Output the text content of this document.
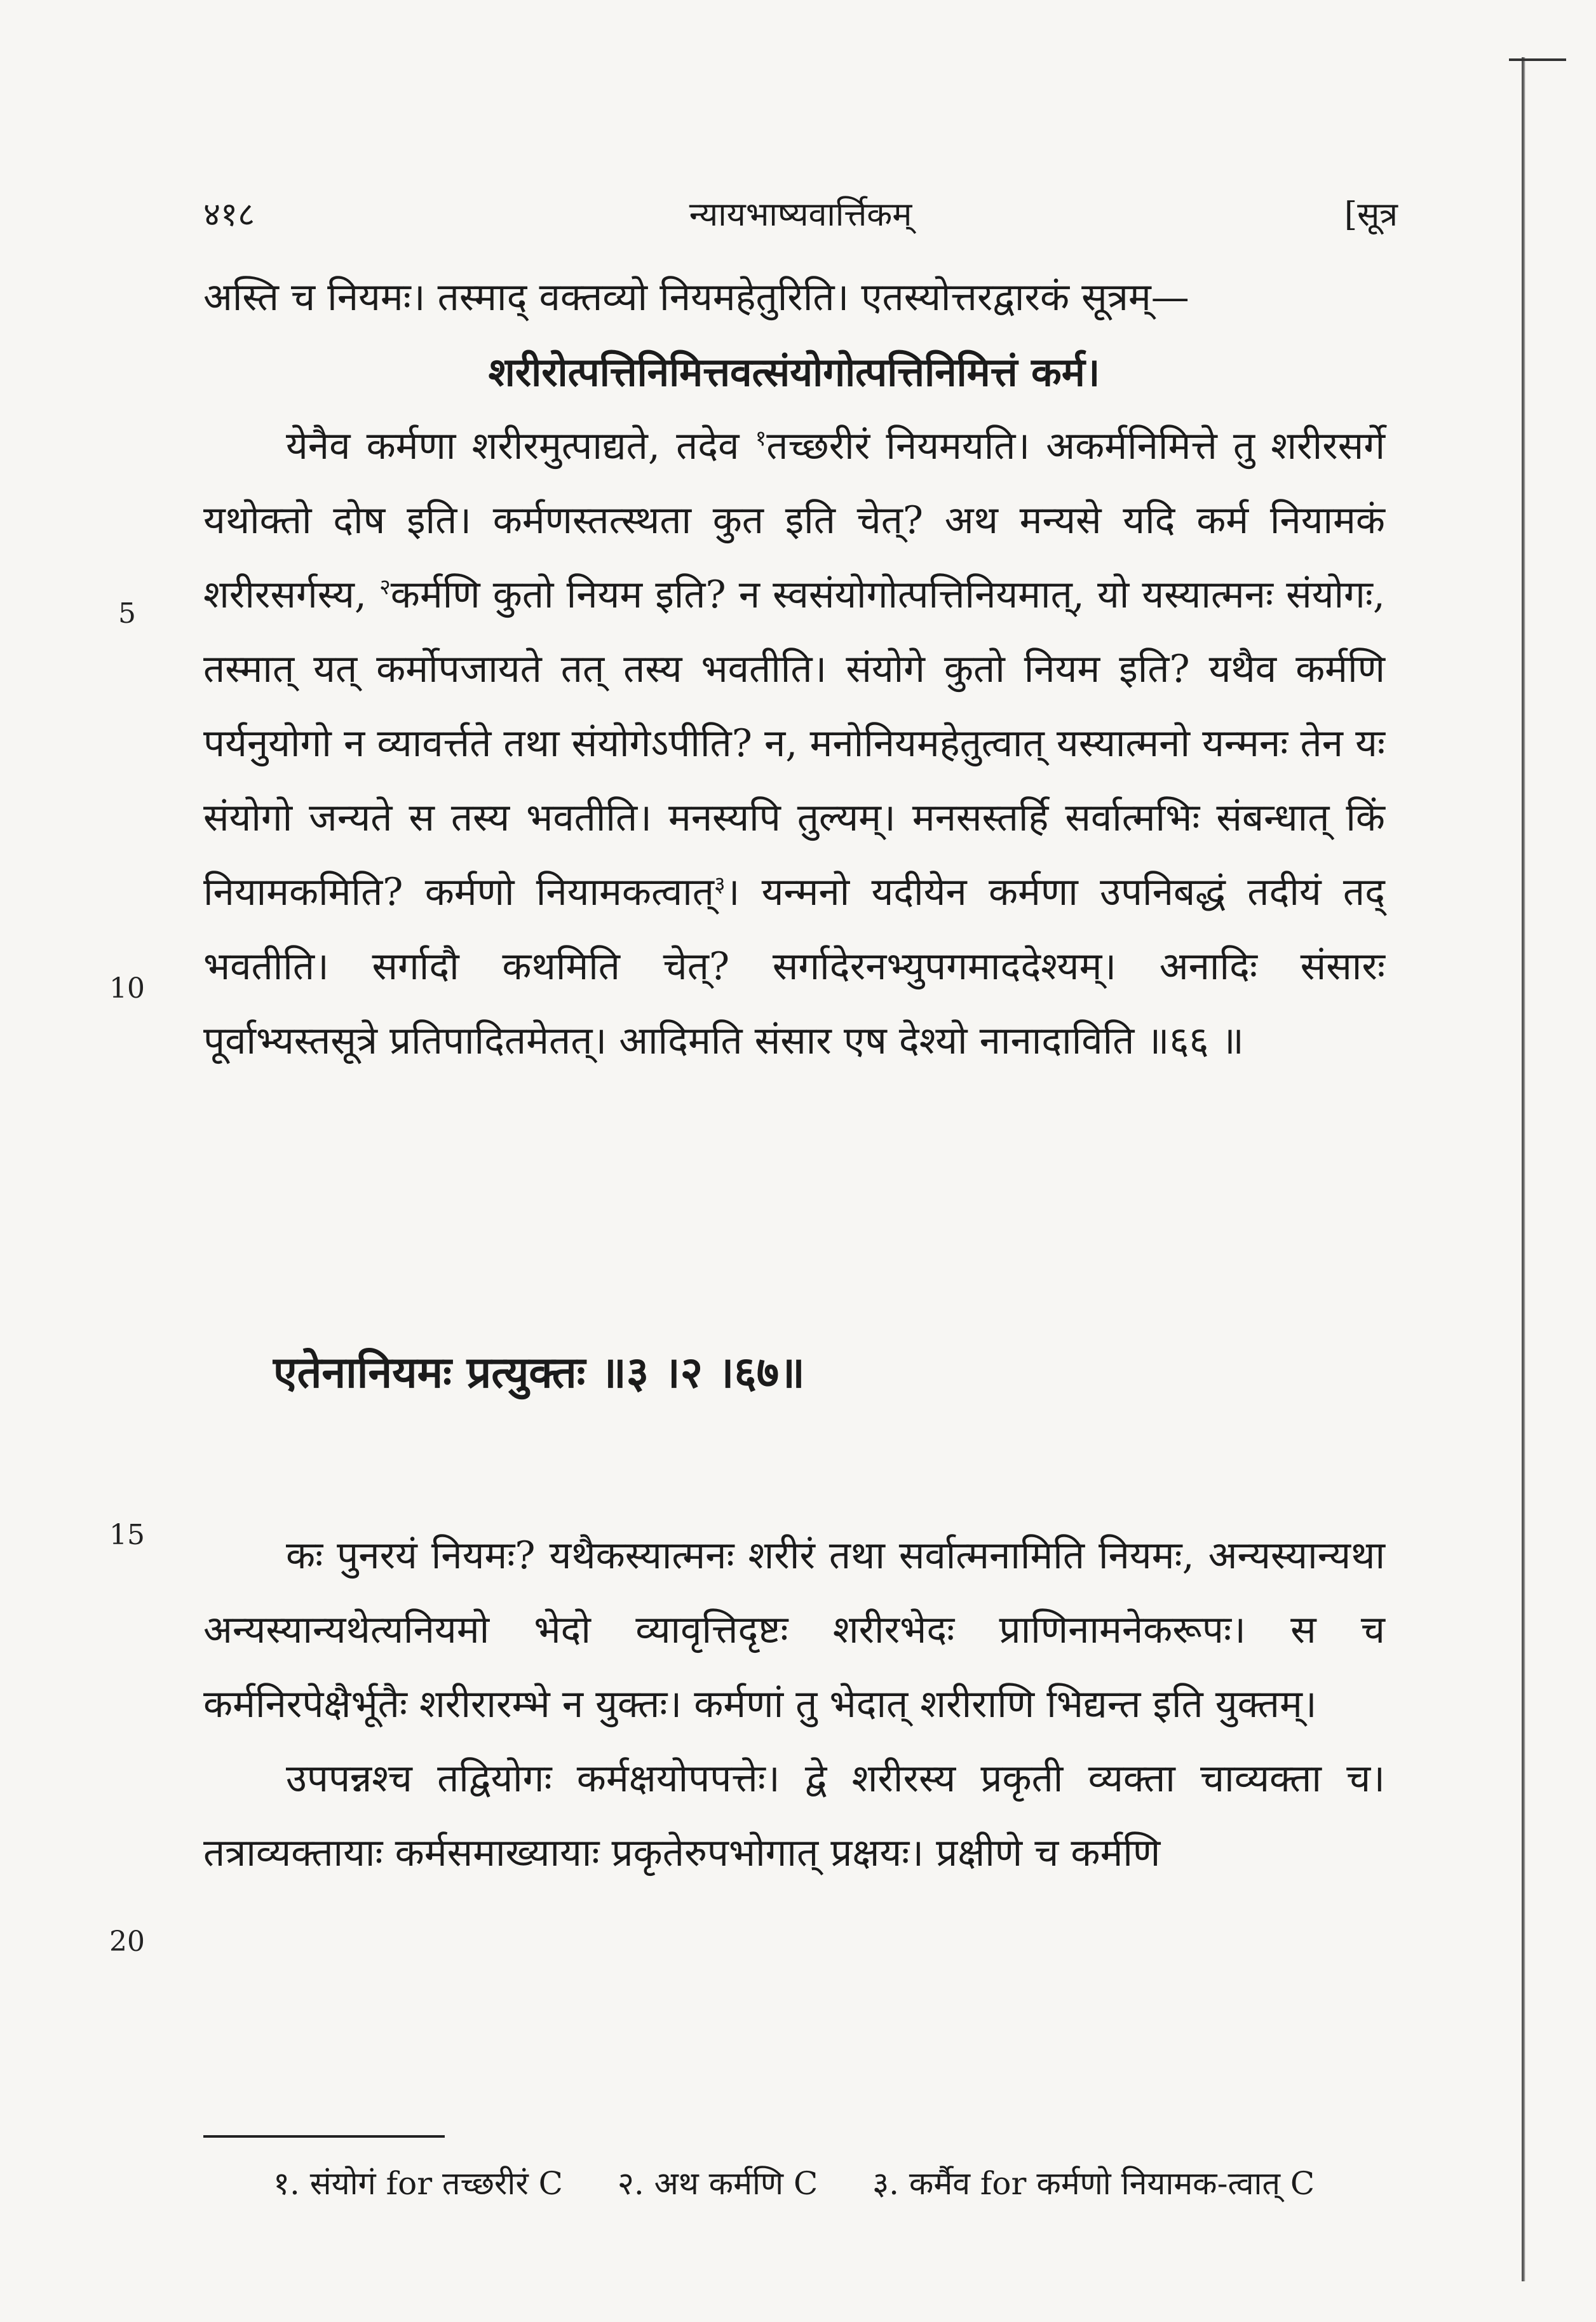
४१८	न्यायभाष्यवार्त्तिकम्	[सूत्र

अस्ति च नियमः। तस्माद् वक्तव्यो नियमहेतुरिति। एतस्योत्तरद्वारकं सूत्रम्—

शरीरोत्पत्तिनिमित्तवत्संयोगोत्पत्तिनिमित्तं कर्म।

येनैव कर्मणा शरीरमुत्पाद्यते, तदेव $^१$तच्छरीरं नियमयति। अकर्मनिमित्ते तु शरीरसर्गे यथोक्तो दोष इति। कर्मणस्तत्स्थता कुत इति चेत्? अथ मन्यसे यदि कर्म नियामकं शरीरसर्गस्य, $^२$कर्मणि कुतो नियम इति? न स्वसंयोगोत्पत्तिनियमात्, यो यस्यात्मनः संयोगः, तस्मात् यत् कर्मोपजायते तत् तस्य भवतीति। संयोगे कुतो नियम इति? यथैव कर्मणि पर्यनुयोगो न व्यावर्त्तते तथा संयोगेऽपीति? न, मनोनियमहेतुत्वात् यस्यात्मनो यन्मनः तेन यः संयोगो जन्यते स तस्य भवतीति। मनस्यपि तुल्यम्। मनसस्तर्हि सर्वात्मभिः संबन्धात् किं नियामकमिति? कर्मणो नियामकत्वात्$^३$। यन्मनो यदीयेन कर्मणा उपनिबद्धं तदीयं तद् भवतीति। सर्गादौ कथमिति चेत्? सर्गादेरनभ्युपगमाददेश्यम्। अनादिः संसारः पूर्वाभ्यस्तसूत्रे प्रतिपादितमेतत्। आदिमति संसार एष देश्यो नानादाविति ॥६६ ॥

एतेनानियमः प्रत्युक्तः ॥३ ।२ ।६७॥

कः पुनरयं नियमः? यथैकस्यात्मनः शरीरं तथा सर्वात्मनामिति नियमः, अन्यस्यान्यथा अन्यस्यान्यथेत्यनियमो भेदो व्यावृत्तिदृष्टः शरीरभेदः प्राणिनामनेकरूपः। स च कर्मनिरपेक्षैर्भूतैः शरीरारम्भे न युक्तः। कर्मणां तु भेदात् शरीराणि भिद्यन्त इति युक्तम्।

उपपन्नश्च तद्वियोगः कर्मक्षयोपपत्तेः। द्वे शरीरस्य प्रकृती व्यक्ता चाव्यक्ता च। तत्राव्यक्तायाः कर्मसमाख्यायाः प्रकृतेरुपभोगात् प्रक्षयः। प्रक्षीणे च कर्मणि

5
10
15
20
१. संयोगं for तच्छरीरं C २. अथ कर्मणि C ३. कर्मैव for कर्मणो नियामक-त्वात् C
